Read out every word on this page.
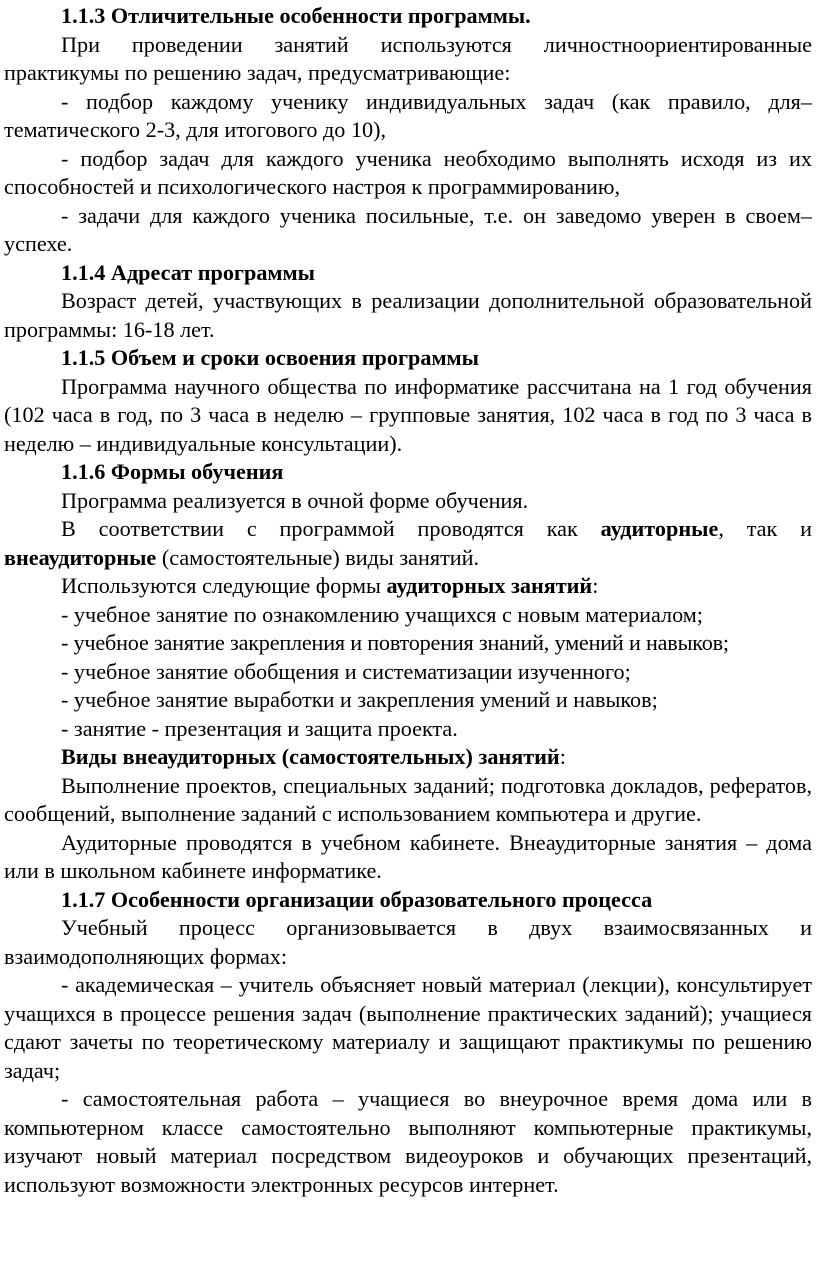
1.1.3 Отличительные особенности программы.

При проведении занятий используются личностноориентированные практикумы по решению задач, предусматривающие:

- подбор каждому ученику индивидуальных задач (как правило, для– тематического 2-3, для итогового до 10),

- подбор задач для каждого ученика необходимо выполнять исходя из их способностей и психологического настроя к программированию,

- задачи для каждого ученика посильные, т.е. он заведомо уверен в своем– успехе.

1.1.4 Адресат программы

Возраст детей, участвующих в реализации дополнительной образовательной программы: 16-18 лет.

1.1.5 Объем и сроки освоения программы

Программа научного общества по информатике рассчитана на 1 год обучения (102 часа в год, по 3 часа в неделю – групповые занятия, 102 часа в год по 3 часа в неделю – индивидуальные консультации).

1.1.6 Формы обучения

Программа реализуется в очной форме обучения.

В соответствии с программой проводятся как аудиторные, так и внеаудиторные (самостоятельные) виды занятий.

Используются следующие формы аудиторных занятий:

- учебное занятие по ознакомлению учащихся с новым материалом;

- учебное занятие закрепления и повторения знаний, умений и навыков;

- учебное занятие обобщения и систематизации изученного;

- учебное занятие выработки и закрепления умений и навыков;

- занятие - презентация и защита проекта.

Виды внеаудиторных (самостоятельных) занятий:

Выполнение проектов, специальных заданий; подготовка докладов, рефератов, сообщений, выполнение заданий с использованием компьютера и другие.

Аудиторные проводятся в учебном кабинете. Внеаудиторные занятия – дома или в школьном кабинете информатике.

1.1.7 Особенности организации образовательного процесса

Учебный процесс организовывается в двух взаимосвязанных и взаимодополняющих формах:

- академическая – учитель объясняет новый материал (лекции), консультирует учащихся в процессе решения задач (выполнение практических заданий); учащиеся сдают зачеты по теоретическому материалу и защищают практикумы по решению задач;

- самостоятельная работа – учащиеся во внеурочное время дома или в компьютерном классе самостоятельно выполняют компьютерные практикумы, изучают новый материал посредством видеоуроков и обучающих презентаций, используют возможности электронных ресурсов интернет.
